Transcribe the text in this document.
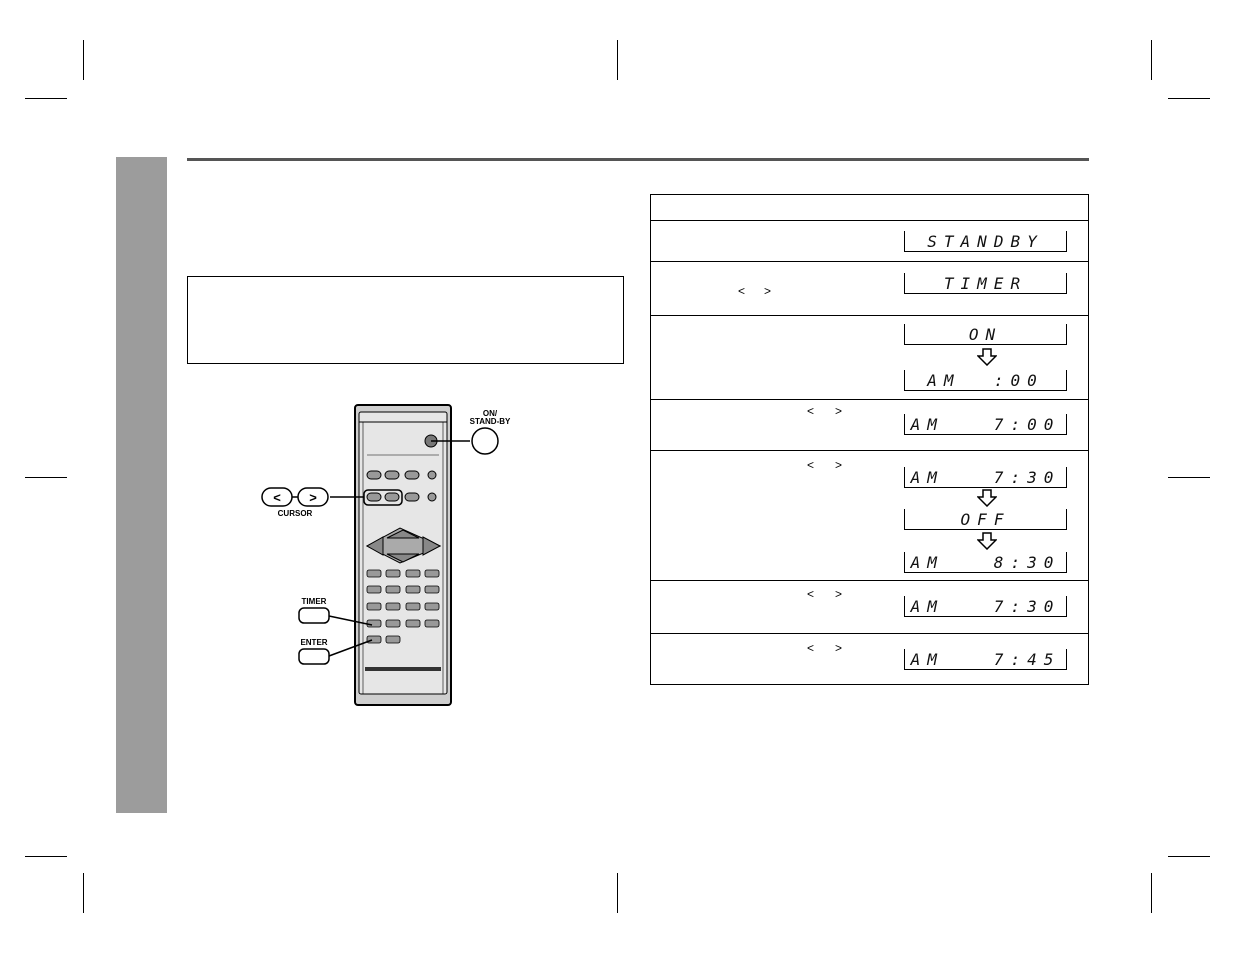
<	>
ON/
STAND-BY
CURSOR
TIMER
ENTER
< >
< >
< >
< >
< >
STANDBY
TIMER
ON
AM  :00
AM   7:00
AM   7:30
OFF
AM   8:30
AM   7:30
AM   7:45
